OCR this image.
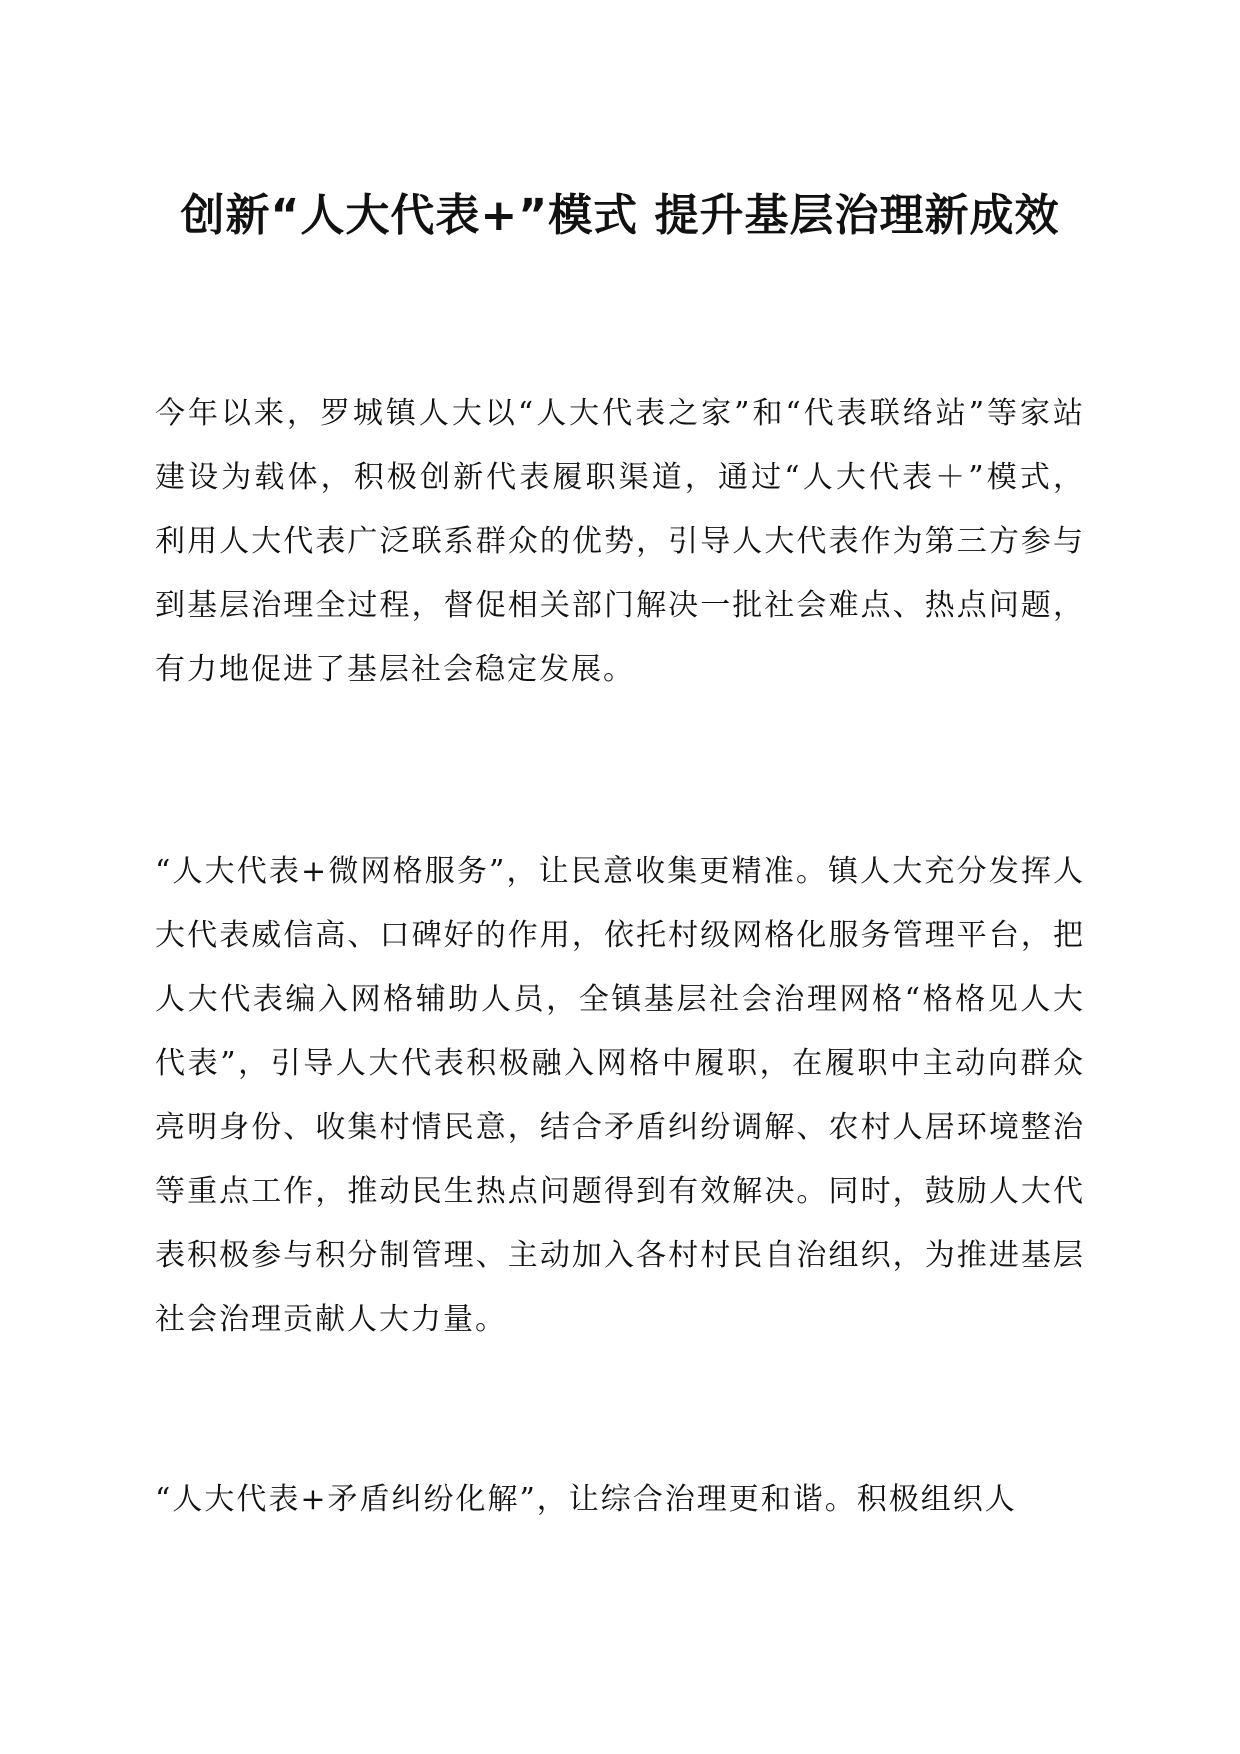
创新“人大代表+”模式 提升基层治理新成效

今年以来，罗城镇人大以“人大代表之家”和“代表联络站”等家站建设为载体，积极创新代表履职渠道，通过“人大代表＋”模式，利用人大代表广泛联系群众的优势，引导人大代表作为第三方参与到基层治理全过程，督促相关部门解决一批社会难点、热点问题，有力地促进了基层社会稳定发展。

“人大代表+微网格服务”，让民意收集更精准。镇人大充分发挥人大代表威信高、口碑好的作用，依托村级网格化服务管理平台，把人大代表编入网格辅助人员，全镇基层社会治理网格“格格见人大代表”，引导人大代表积极融入网格中履职，在履职中主动向群众亮明身份、收集村情民意，结合矛盾纠纷调解、农村人居环境整治等重点工作，推动民生热点问题得到有效解决。同时，鼓励人大代表积极参与积分制管理、主动加入各村村民自治组织，为推进基层社会治理贡献人大力量。

“人大代表+矛盾纠纷化解”，让综合治理更和谐。积极组织人
